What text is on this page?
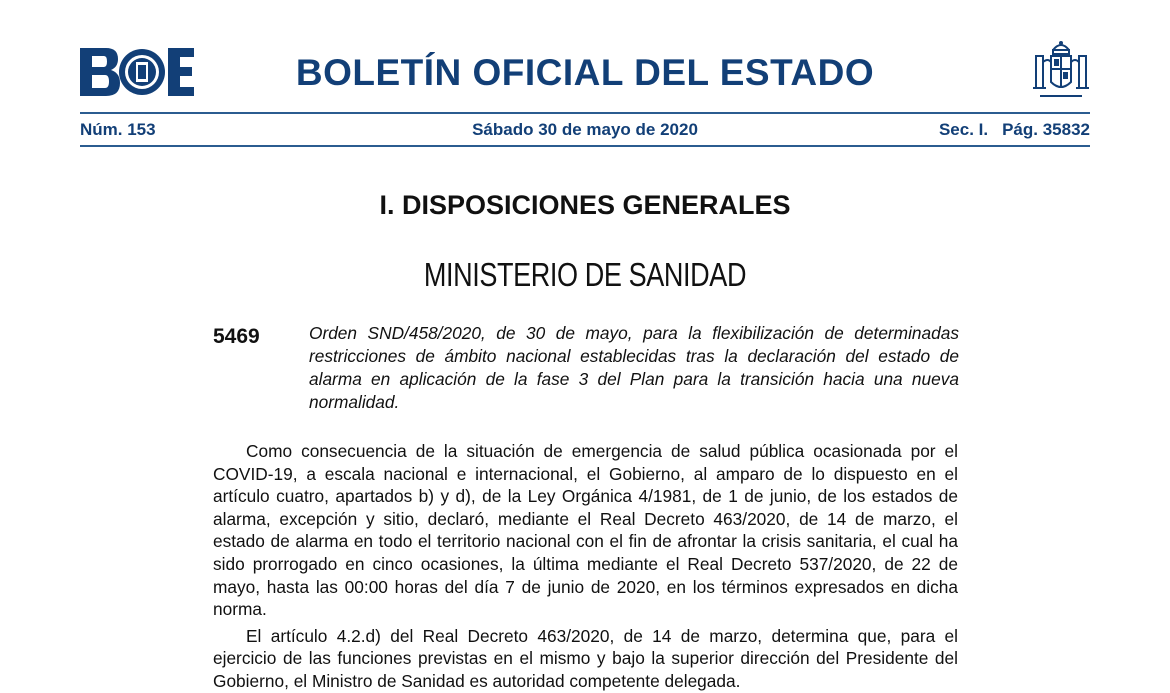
BOLETÍN OFICIAL DEL ESTADO
Núm. 153	Sábado 30 de mayo de 2020	Sec. I. Pág. 35832
I. DISPOSICIONES GENERALES
MINISTERIO DE SANIDAD
5469	Orden SND/458/2020, de 30 de mayo, para la flexibilización de determinadas restricciones de ámbito nacional establecidas tras la declaración del estado de alarma en aplicación de la fase 3 del Plan para la transición hacia una nueva normalidad.

Como consecuencia de la situación de emergencia de salud pública ocasionada por el COVID-19, a escala nacional e internacional, el Gobierno, al amparo de lo dispuesto en el artículo cuatro, apartados b) y d), de la Ley Orgánica 4/1981, de 1 de junio, de los estados de alarma, excepción y sitio, declaró, mediante el Real Decreto 463/2020, de 14 de marzo, el estado de alarma en todo el territorio nacional con el fin de afrontar la crisis sanitaria, el cual ha sido prorrogado en cinco ocasiones, la última mediante el Real Decreto 537/2020, de 22 de mayo, hasta las 00:00 horas del día 7 de junio de 2020, en los términos expresados en dicha norma.

El artículo 4.2.d) del Real Decreto 463/2020, de 14 de marzo, determina que, para el ejercicio de las funciones previstas en el mismo y bajo la superior dirección del Presidente del Gobierno, el Ministro de Sanidad es autoridad competente delegada.
